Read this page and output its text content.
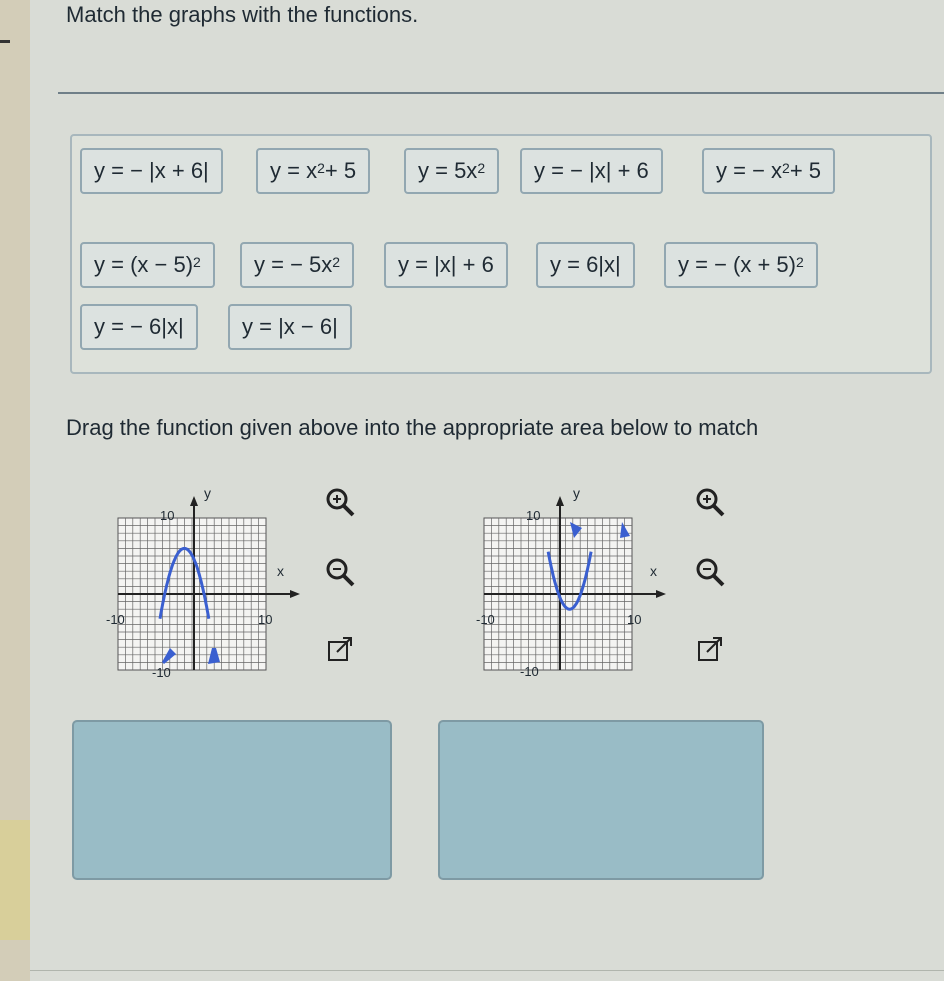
Match the graphs with the functions.
y = − |x + 6|	$y = x^2 + 5$	$y = 5x^2$ y = − |x| + 6	y = − $x^2 + 5$
$y = (x - 5)^2$ y = − $5x^2$	y = |x| + 6	y = 6|x|	y = − $(x + 5)^2$
y = − 6|x|	y = |x − 6|

Drag the function given above into the appropriate area below to match

y
x
10
-10	10
-10
y
x
10
-10	10
-10
